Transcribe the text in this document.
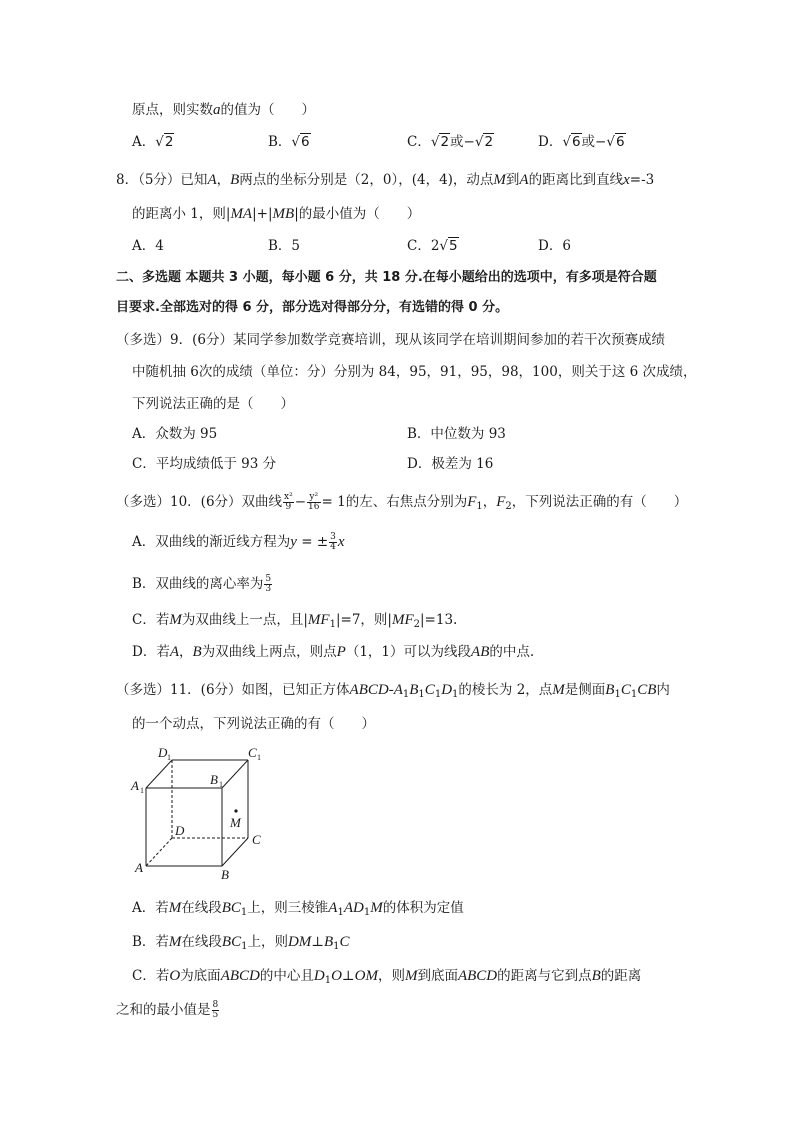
原点，则实数a的值为（　　）
A．√2	B．√6	C．√2或−√2	D．√6或−√6
8．（5分）已知A，B两点的坐标分别是（2，0），(4，4)，动点M到A的距离比到直线x=-3
的距离小 1，则|MA|+|MB|的最小值为（　　）
A．4	B．5	C．2√5	D．6
二、多选题 本题共 3 小题，每小题 6 分，共 18 分.在每小题给出的选项中，有多项是符合题
目要求.全部选对的得 6 分，部分选对得部分分，有选错的得 0 分。
（多选）9．(6分）某同学参加数学竞赛培训，现从该同学在培训期间参加的若干次预赛成绩
中随机抽 6次的成绩（单位：分）分别为 84，95，91，95，98，100，则关于这 6 次成绩，
下列说法正确的是（　　）
A．众数为 95	B．中位数为 93
C．平均成绩低于 93 分	D．极差为 16
（多选）10．(6分）双曲线 $\frac{\text{x²}}{9} - \frac{\text{y²}}{16} = 1$的左、右焦点分别为$F_1$，$F_2$，下列说法正确的有（　　）
A．双曲线的渐近线方程为y = ± $\frac{3}{4}$ x
B．双曲线的离心率为 $\frac{5}{3}$
C．若M为双曲线上一点，且$|MF_1|=7$，则$|MF_2|=13$.
D．若A，B为双曲线上两点，则点P（1，1）可以为线段AB的中点.
（多选）11．(6分）如图，已知正方体ABCD-$A_1B_1C_1D_1$的棱长为 2，点M是侧面$B_1C_1CB$内
的一个动点，下列说法正确的有（　　）
D 1	C 1
A 1
B 1
M
D
C
A	B
A．若M在线段$BC_1$上，则三棱锥$A_1AD_1M$的体积为定值
B．若M在线段$BC_1$上，则$DM\perp B_1C$
C．若O为底面ABCD的中心且$D_1O\perp OM$，则M到底面ABCD的距离与它到点B的距离
之和的最小值是 $\frac{8}{5}$
